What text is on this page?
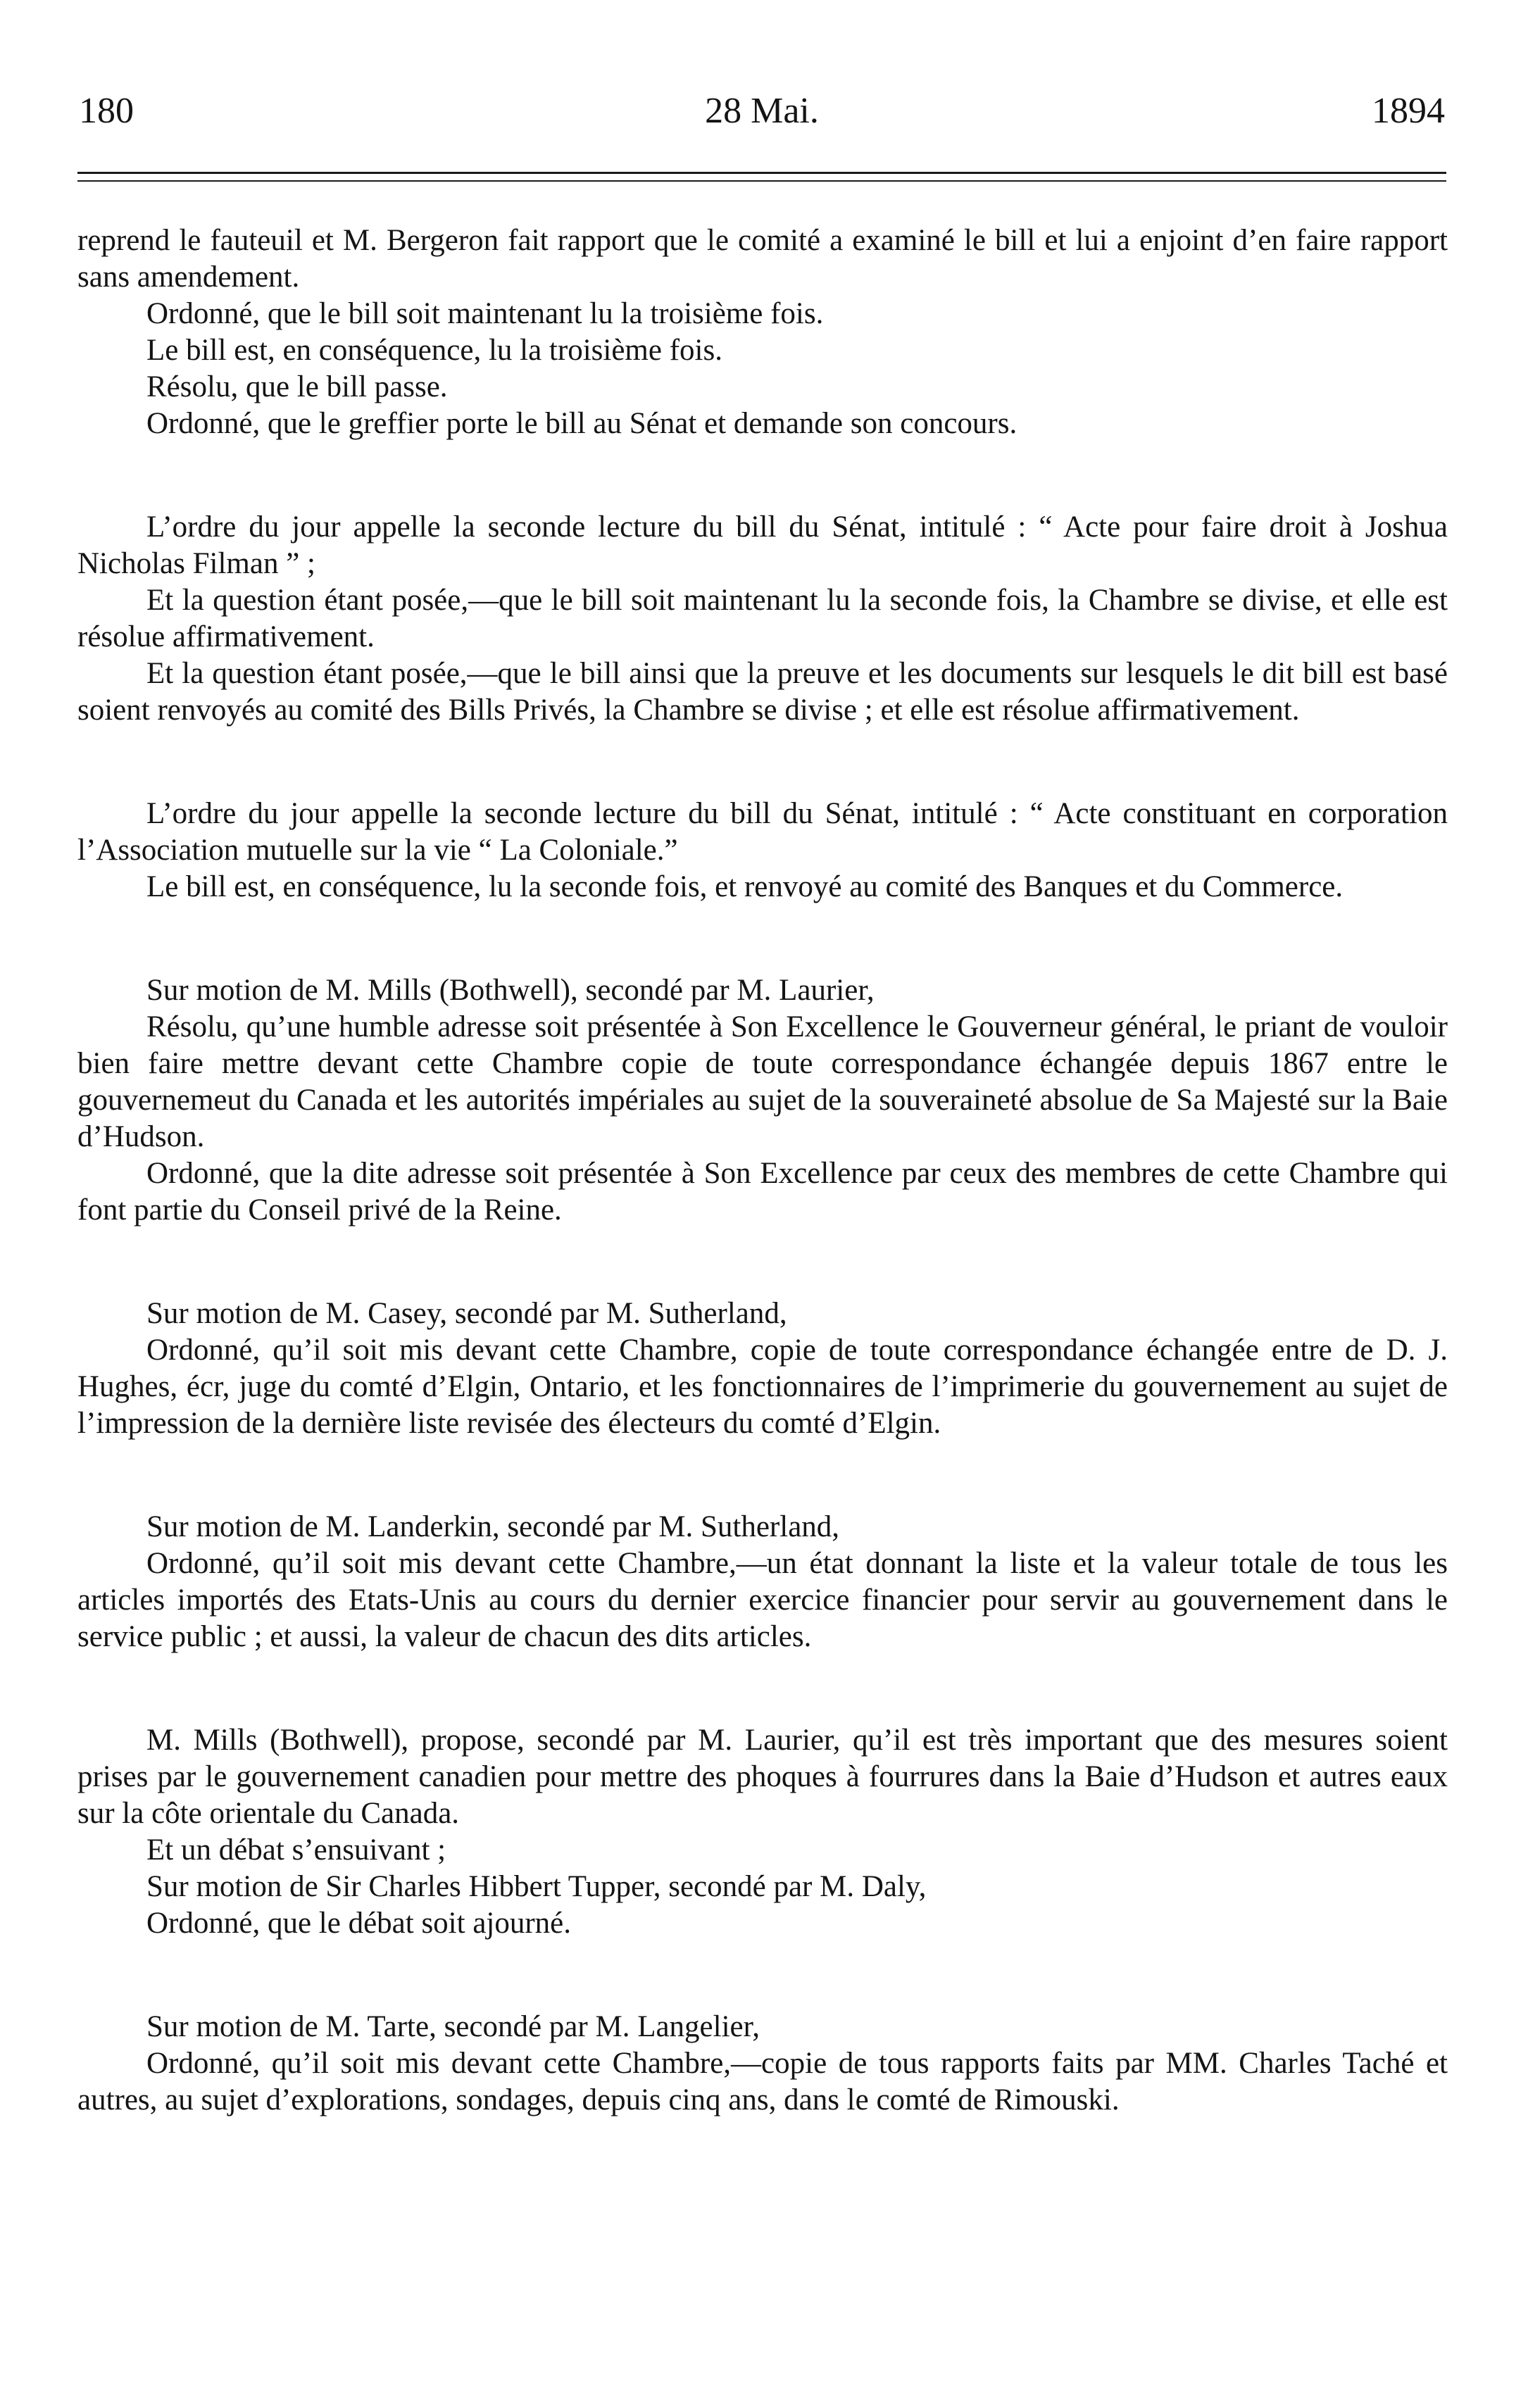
180	28 Mai.	1894

reprend le fauteuil et M. Bergeron fait rapport que le comité a examiné le bill et lui a enjoint d’en faire rapport sans amendement.

Ordonné, que le bill soit maintenant lu la troisième fois.

Le bill est, en conséquence, lu la troisième fois.

Résolu, que le bill passe.

Ordonné, que le greffier porte le bill au Sénat et demande son concours.

L’ordre du jour appelle la seconde lecture du bill du Sénat, intitulé : “ Acte pour faire droit à Joshua Nicholas Filman ” ;

Et la question étant posée,—que le bill soit maintenant lu la seconde fois, la Chambre se divise, et elle est résolue affirmativement.

Et la question étant posée,—que le bill ainsi que la preuve et les documents sur lesquels le dit bill est basé soient renvoyés au comité des Bills Privés, la Chambre se divise ; et elle est résolue affirmativement.

L’ordre du jour appelle la seconde lecture du bill du Sénat, intitulé : “ Acte constituant en corporation l’Association mutuelle sur la vie “ La Coloniale.”

Le bill est, en conséquence, lu la seconde fois, et renvoyé au comité des Banques et du Commerce.

Sur motion de M. Mills (Bothwell), secondé par M. Laurier,

Résolu, qu’une humble adresse soit présentée à Son Excellence le Gouverneur général, le priant de vouloir bien faire mettre devant cette Chambre copie de toute correspondance échangée depuis 1867 entre le gouvernemeut du Canada et les autorités impériales au sujet de la souveraineté absolue de Sa Majesté sur la Baie d’Hudson.

Ordonné, que la dite adresse soit présentée à Son Excellence par ceux des membres de cette Chambre qui font partie du Conseil privé de la Reine.

Sur motion de M. Casey, secondé par M. Sutherland,

Ordonné, qu’il soit mis devant cette Chambre, copie de toute correspondance échangée entre de D. J. Hughes, écr, juge du comté d’Elgin, Ontario, et les fonctionnaires de l’imprimerie du gouvernement au sujet de l’impression de la dernière liste revisée des électeurs du comté d’Elgin.

Sur motion de M. Landerkin, secondé par M. Sutherland,

Ordonné, qu’il soit mis devant cette Chambre,—un état donnant la liste et la valeur totale de tous les articles importés des Etats-Unis au cours du dernier exercice financier pour servir au gouvernement dans le service public ; et aussi, la valeur de chacun des dits articles.

M. Mills (Bothwell), propose, secondé par M. Laurier, qu’il est très important que des mesures soient prises par le gouvernement canadien pour mettre des phoques à fourrures dans la Baie d’Hudson et autres eaux sur la côte orientale du Canada.

Et un débat s’ensuivant ;

Sur motion de Sir Charles Hibbert Tupper, secondé par M. Daly,

Ordonné, que le débat soit ajourné.

Sur motion de M. Tarte, secondé par M. Langelier,

Ordonné, qu’il soit mis devant cette Chambre,—copie de tous rapports faits par MM. Charles Taché et autres, au sujet d’explorations, sondages, depuis cinq ans, dans le comté de Rimouski.
